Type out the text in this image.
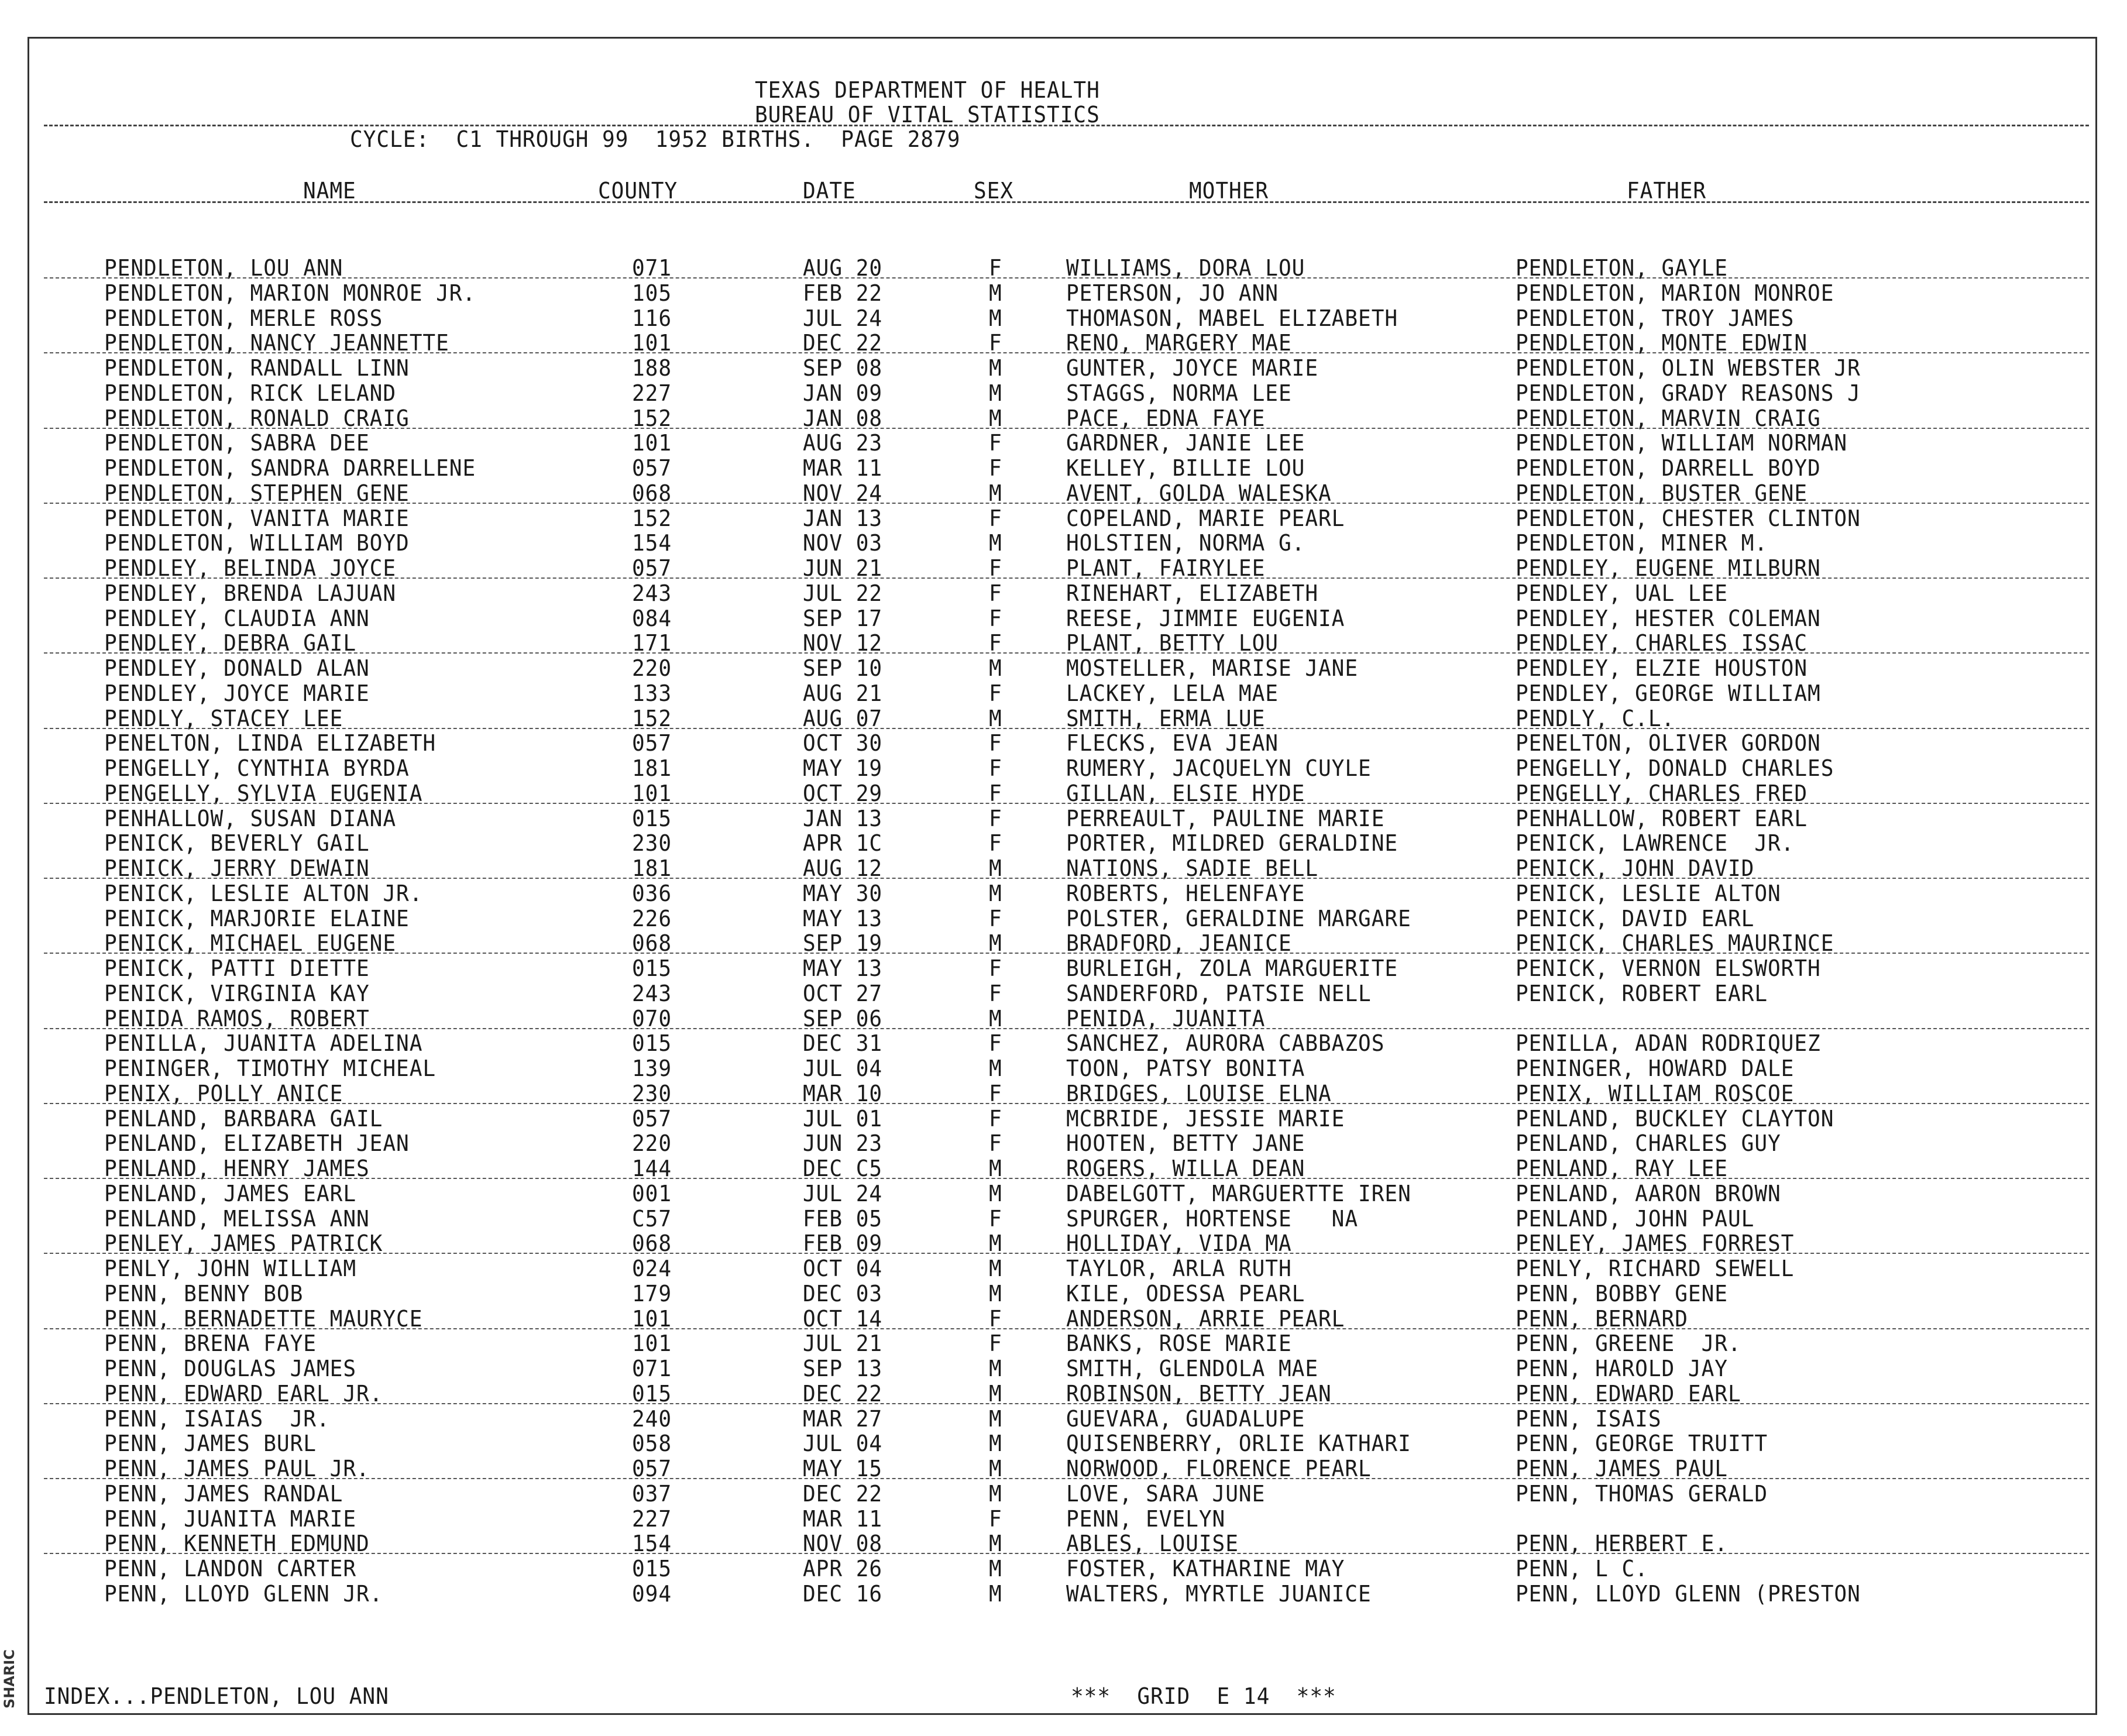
TEXAS DEPARTMENT OF HEALTH
BUREAU OF VITAL STATISTICS
CYCLE:  C1 THROUGH 99  1952 BIRTHS.  PAGE 2879
NAME	COUNTY	DATE	SEX	MOTHER	FATHER
PENDLETON, LOU ANN	071	AUG 20	F	WILLIAMS, DORA LOU	PENDLETON, GAYLE
PENDLETON, MARION MONROE JR.	105	FEB 22	M	PETERSON, JO ANN	PENDLETON, MARION MONROE
PENDLETON, MERLE ROSS	116	JUL 24	M	THOMASON, MABEL ELIZABETH	PENDLETON, TROY JAMES
PENDLETON, NANCY JEANNETTE	101	DEC 22	F	RENO, MARGERY MAE	PENDLETON, MONTE EDWIN
PENDLETON, RANDALL LINN	188	SEP 08	M	GUNTER, JOYCE MARIE	PENDLETON, OLIN WEBSTER JR
PENDLETON, RICK LELAND	227	JAN 09	M	STAGGS, NORMA LEE	PENDLETON, GRADY REASONS J
PENDLETON, RONALD CRAIG	152	JAN 08	M	PACE, EDNA FAYE	PENDLETON, MARVIN CRAIG
PENDLETON, SABRA DEE	101	AUG 23	F	GARDNER, JANIE LEE	PENDLETON, WILLIAM NORMAN
PENDLETON, SANDRA DARRELLENE	057	MAR 11	F	KELLEY, BILLIE LOU	PENDLETON, DARRELL BOYD
PENDLETON, STEPHEN GENE	068	NOV 24	M	AVENT, GOLDA WALESKA	PENDLETON, BUSTER GENE
PENDLETON, VANITA MARIE	152	JAN 13	F	COPELAND, MARIE PEARL	PENDLETON, CHESTER CLINTON
PENDLETON, WILLIAM BOYD	154	NOV 03	M	HOLSTIEN, NORMA G.	PENDLETON, MINER M.
PENDLEY, BELINDA JOYCE	057	JUN 21	F	PLANT, FAIRYLEE	PENDLEY, EUGENE MILBURN
PENDLEY, BRENDA LAJUAN	243	JUL 22	F	RINEHART, ELIZABETH	PENDLEY, UAL LEE
PENDLEY, CLAUDIA ANN	084	SEP 17	F	REESE, JIMMIE EUGENIA	PENDLEY, HESTER COLEMAN
PENDLEY, DEBRA GAIL	171	NOV 12	F	PLANT, BETTY LOU	PENDLEY, CHARLES ISSAC
PENDLEY, DONALD ALAN	220	SEP 10	M	MOSTELLER, MARISE JANE	PENDLEY, ELZIE HOUSTON
PENDLEY, JOYCE MARIE	133	AUG 21	F	LACKEY, LELA MAE	PENDLEY, GEORGE WILLIAM
PENDLY, STACEY LEE	152	AUG 07	M	SMITH, ERMA LUE	PENDLY, C.L.
PENELTON, LINDA ELIZABETH	057	OCT 30	F	FLECKS, EVA JEAN	PENELTON, OLIVER GORDON
PENGELLY, CYNTHIA BYRDA	181	MAY 19	F	RUMERY, JACQUELYN CUYLE	PENGELLY, DONALD CHARLES
PENGELLY, SYLVIA EUGENIA	101	OCT 29	F	GILLAN, ELSIE HYDE	PENGELLY, CHARLES FRED
PENHALLOW, SUSAN DIANA	015	JAN 13	F	PERREAULT, PAULINE MARIE	PENHALLOW, ROBERT EARL
PENICK, BEVERLY GAIL	230	APR 1C	F	PORTER, MILDRED GERALDINE	PENICK, LAWRENCE  JR.
PENICK, JERRY DEWAIN	181	AUG 12	M	NATIONS, SADIE BELL	PENICK, JOHN DAVID
PENICK, LESLIE ALTON JR.	036	MAY 30	M	ROBERTS, HELENFAYE	PENICK, LESLIE ALTON
PENICK, MARJORIE ELAINE	226	MAY 13	F	POLSTER, GERALDINE MARGARE	PENICK, DAVID EARL
PENICK, MICHAEL EUGENE	068	SEP 19	M	BRADFORD, JEANICE	PENICK, CHARLES MAURINCE
PENICK, PATTI DIETTE	015	MAY 13	F	BURLEIGH, ZOLA MARGUERITE	PENICK, VERNON ELSWORTH
PENICK, VIRGINIA KAY	243	OCT 27	F	SANDERFORD, PATSIE NELL	PENICK, ROBERT EARL
PENIDA RAMOS, ROBERT	070	SEP 06	M	PENIDA, JUANITA
PENILLA, JUANITA ADELINA	015	DEC 31	F	SANCHEZ, AURORA CABBAZOS	PENILLA, ADAN RODRIQUEZ
PENINGER, TIMOTHY MICHEAL	139	JUL 04	M	TOON, PATSY BONITA	PENINGER, HOWARD DALE
PENIX, POLLY ANICE	230	MAR 10	F	BRIDGES, LOUISE ELNA	PENIX, WILLIAM ROSCOE
PENLAND, BARBARA GAIL	057	JUL 01	F	MCBRIDE, JESSIE MARIE	PENLAND, BUCKLEY CLAYTON
PENLAND, ELIZABETH JEAN	220	JUN 23	F	HOOTEN, BETTY JANE	PENLAND, CHARLES GUY
PENLAND, HENRY JAMES	144	DEC C5	M	ROGERS, WILLA DEAN	PENLAND, RAY LEE
PENLAND, JAMES EARL	001	JUL 24	M	DABELGOTT, MARGUERTTE IREN	PENLAND, AARON BROWN
PENLAND, MELISSA ANN	C57	FEB 05	F	SPURGER, HORTENSE   NA	PENLAND, JOHN PAUL
PENLEY, JAMES PATRICK	068	FEB 09	M	HOLLIDAY, VIDA MA	PENLEY, JAMES FORREST
PENLY, JOHN WILLIAM	024	OCT 04	M	TAYLOR, ARLA RUTH	PENLY, RICHARD SEWELL
PENN, BENNY BOB	179	DEC 03	M	KILE, ODESSA PEARL	PENN, BOBBY GENE
PENN, BERNADETTE MAURYCE	101	OCT 14	F	ANDERSON, ARRIE PEARL	PENN, BERNARD
PENN, BRENA FAYE	101	JUL 21	F	BANKS, ROSE MARIE	PENN, GREENE  JR.
PENN, DOUGLAS JAMES	071	SEP 13	M	SMITH, GLENDOLA MAE	PENN, HAROLD JAY
PENN, EDWARD EARL JR.	015	DEC 22	M	ROBINSON, BETTY JEAN	PENN, EDWARD EARL
PENN, ISAIAS  JR.	240	MAR 27	M	GUEVARA, GUADALUPE	PENN, ISAIS
PENN, JAMES BURL	058	JUL 04	M	QUISENBERRY, ORLIE KATHARI	PENN, GEORGE TRUITT
PENN, JAMES PAUL JR.	057	MAY 15	M	NORWOOD, FLORENCE PEARL	PENN, JAMES PAUL
PENN, JAMES RANDAL	037	DEC 22	M	LOVE, SARA JUNE	PENN, THOMAS GERALD
PENN, JUANITA MARIE	227	MAR 11	F	PENN, EVELYN
PENN, KENNETH EDMUND	154	NOV 08	M	ABLES, LOUISE	PENN, HERBERT E.
PENN, LANDON CARTER	015	APR 26	M	FOSTER, KATHARINE MAY	PENN, L C.
PENN, LLOYD GLENN JR.	094	DEC 16	M	WALTERS, MYRTLE JUANICE	PENN, LLOYD GLENN (PRESTON
INDEX...PENDLETON, LOU ANN	***  GRID  E 14  ***
SHARIC
